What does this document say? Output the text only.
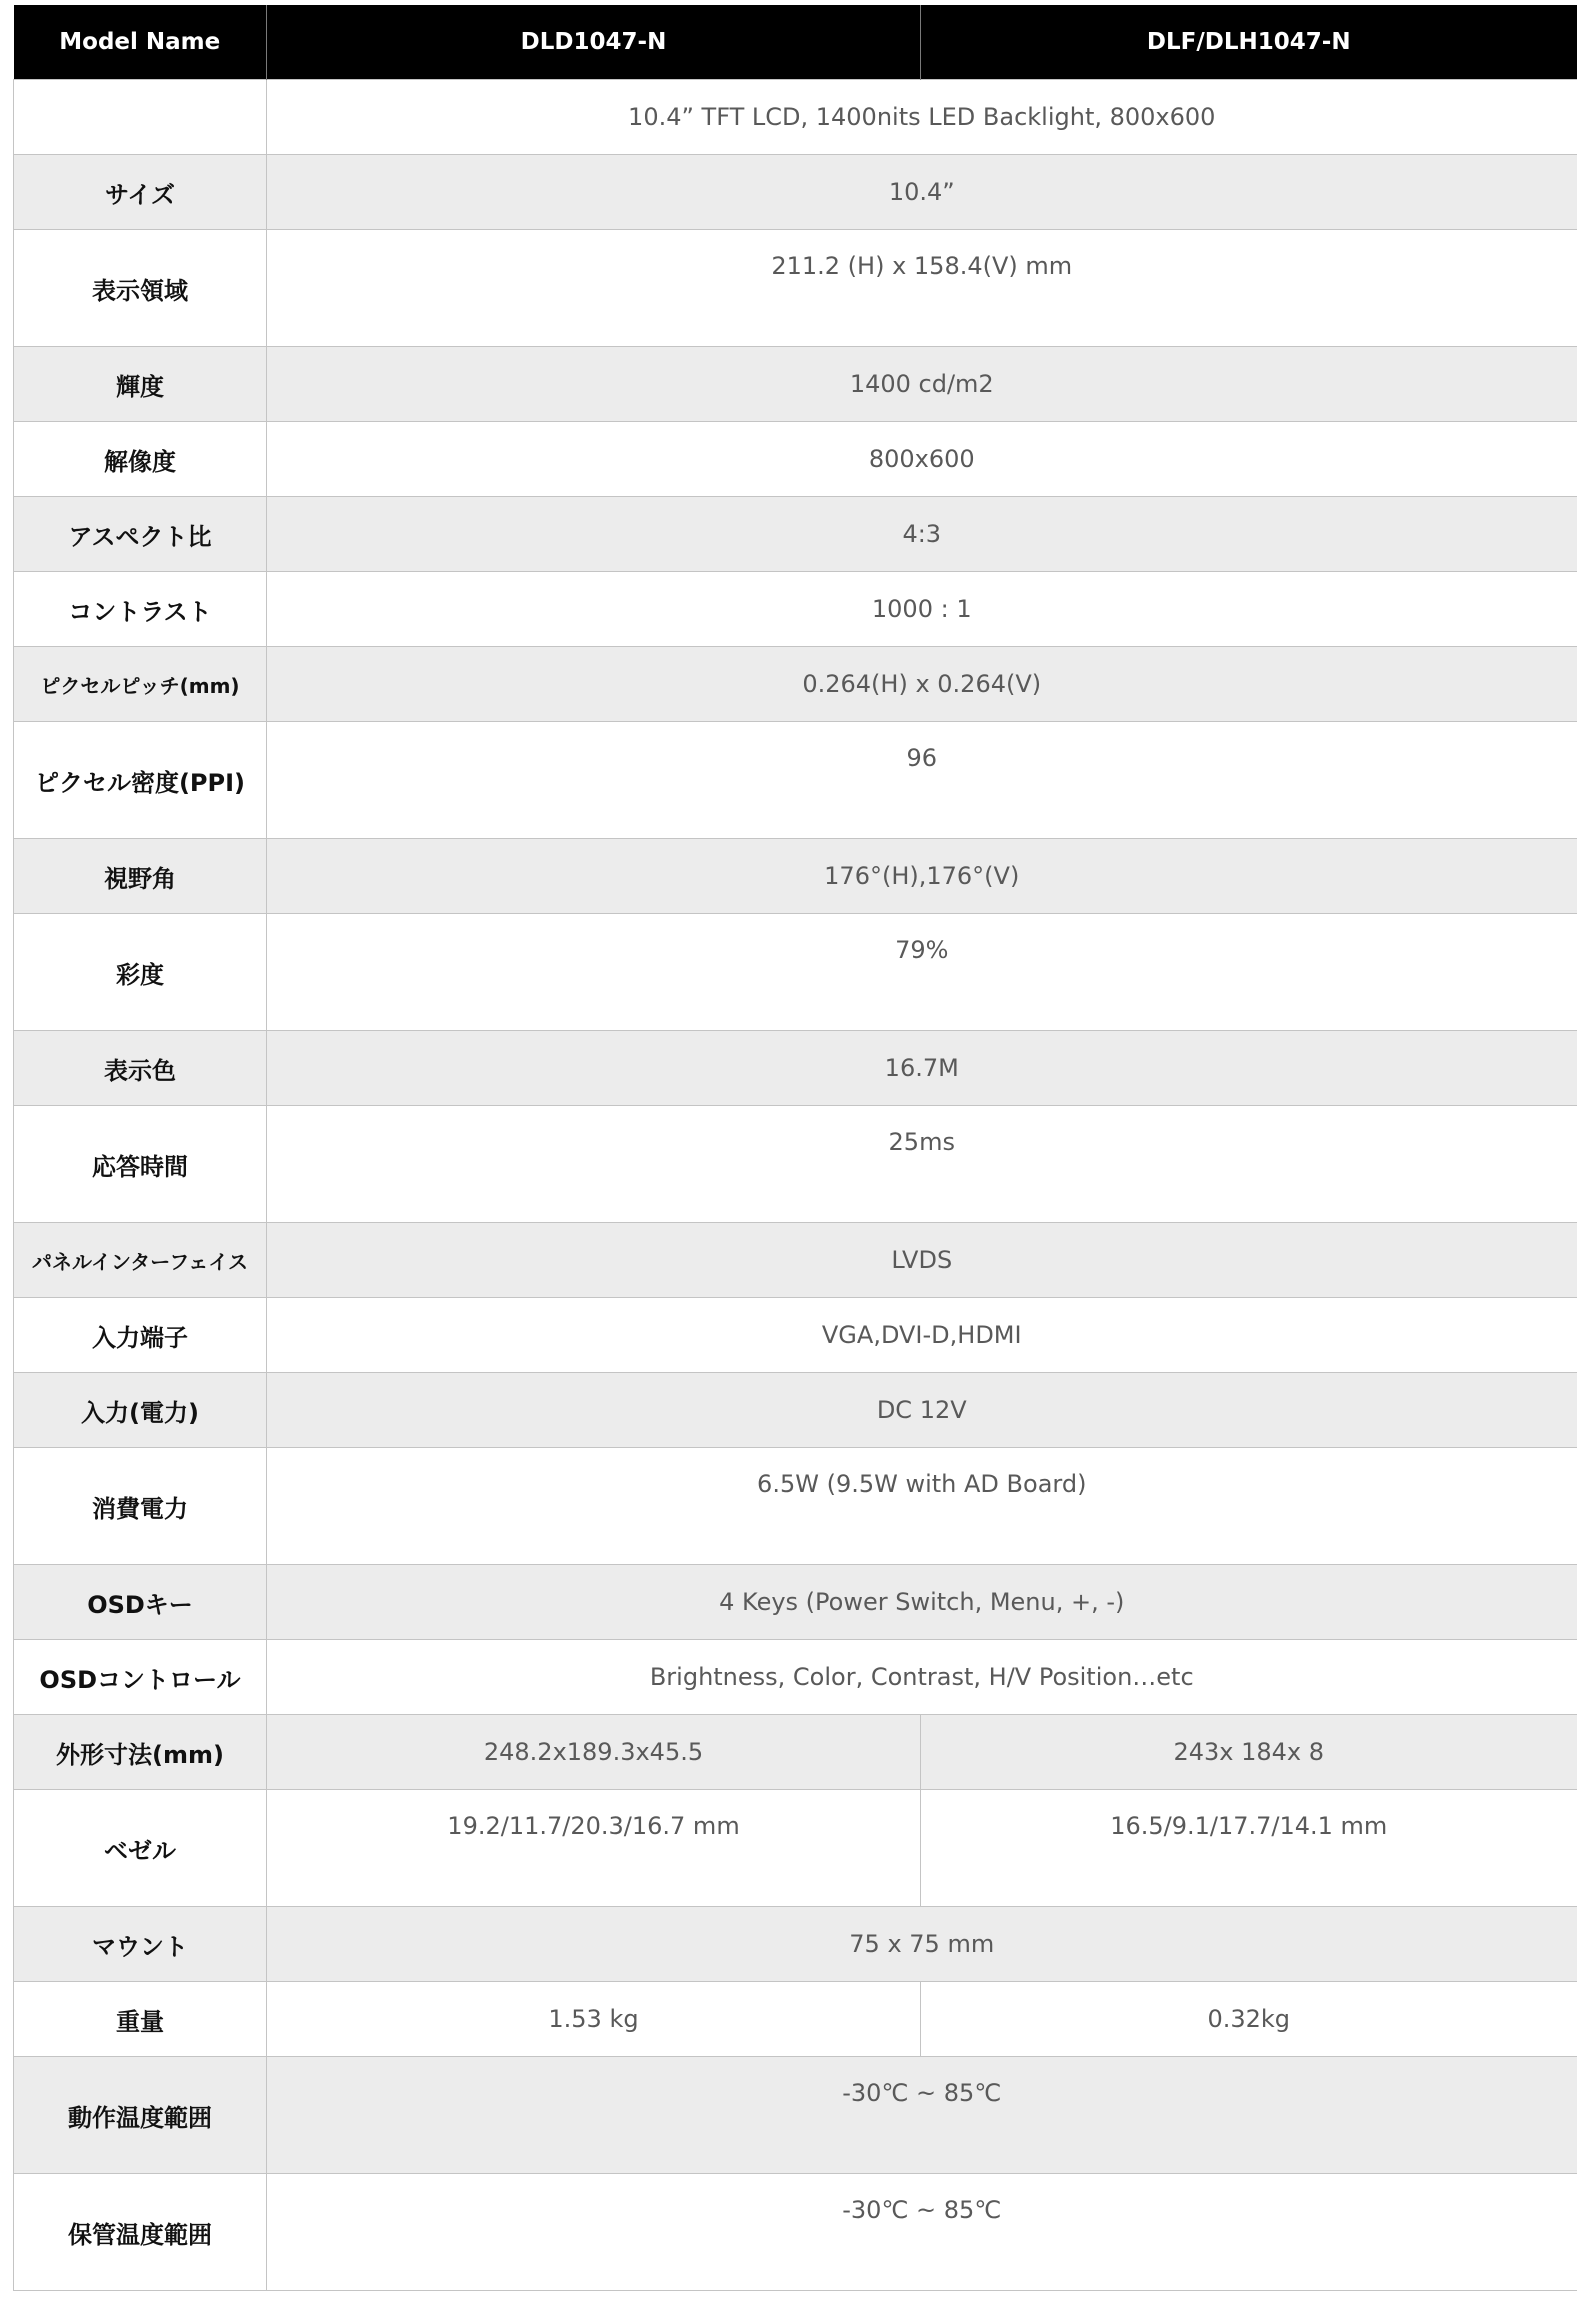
Model Name	DLD1047-N	DLF/DLH1047-N
	10.4” TFT LCD, 1400nits LED Backlight, 800x600	
サイズ	10.4”	
表示領域	211.2 (H) x 158.4(V) mm	
輝度	1400 cd/m2	
解像度	800x600	
アスペクト比	4:3	
コントラスト	1000 : 1	
ピクセルピッチ(mm)	0.264(H) x 0.264(V)	
ピクセル密度(PPI)	96	
視野角	176°(H),176°(V)	
彩度	79%	
表示色	16.7M	
応答時間	25ms	
パネルインターフェイス	LVDS	
入力端子	VGA,DVI-D,HDMI	
入力(電力)	DC 12V	
消費電力	6.5W (9.5W with AD Board)	
OSDキー	4 Keys (Power Switch, Menu, +, -)	
OSDコントロール	Brightness, Color, Contrast, H/V Position…etc	
外形寸法(mm)	248.2x189.3x45.5	243x 184x 8
ベゼル	19.2/11.7/20.3/16.7 mm	16.5/9.1/17.7/14.1 mm
マウント	75 x 75 mm	
重量	1.53 kg	0.32kg
動作温度範囲	-30℃ ~ 85℃	
保管温度範囲	-30℃ ~ 85℃	
